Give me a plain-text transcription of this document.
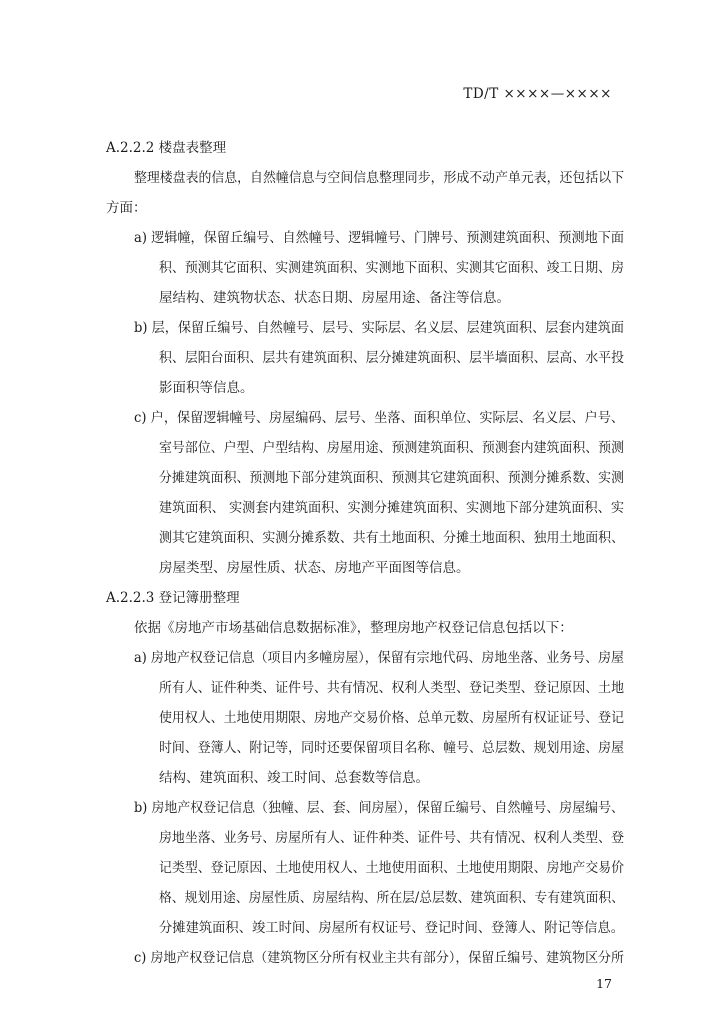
TD/T ××××—××××
A.2.2.2 楼盘表整理
整理楼盘表的信息，自然幢信息与空间信息整理同步，形成不动产单元表，还包括以下
方面：
a) 逻辑幢，保留丘编号、自然幢号、逻辑幢号、门牌号、预测建筑面积、预测地下面
积、预测其它面积、实测建筑面积、实测地下面积、实测其它面积、竣工日期、房
屋结构、建筑物状态、状态日期、房屋用途、备注等信息。
b) 层，保留丘编号、自然幢号、层号、实际层、名义层、层建筑面积、层套内建筑面
积、层阳台面积、层共有建筑面积、层分摊建筑面积、层半墙面积、层高、水平投
影面积等信息。
c) 户，保留逻辑幢号、房屋编码、层号、坐落、面积单位、实际层、名义层、户号、
室号部位、户型、户型结构、房屋用途、预测建筑面积、预测套内建筑面积、预测
分摊建筑面积、预测地下部分建筑面积、预测其它建筑面积、预测分摊系数、实测
建筑面积、 实测套内建筑面积、实测分摊建筑面积、实测地下部分建筑面积、实
测其它建筑面积、实测分摊系数、共有土地面积、分摊土地面积、独用土地面积、
房屋类型、房屋性质、状态、房地产平面图等信息。
A.2.2.3 登记簿册整理
依据《房地产市场基础信息数据标准》，整理房地产权登记信息包括以下：
a) 房地产权登记信息（项目内多幢房屋），保留有宗地代码、房地坐落、业务号、房屋
所有人、证件种类、证件号、共有情况、权利人类型、登记类型、登记原因、土地
使用权人、土地使用期限、房地产交易价格、总单元数、房屋所有权证证号、登记
时间、登簿人、附记等，同时还要保留项目名称、幢号、总层数、规划用途、房屋
结构、建筑面积、竣工时间、总套数等信息。
b) 房地产权登记信息（独幢、层、套、间房屋），保留丘编号、自然幢号、房屋编号、
房地坐落、业务号、房屋所有人、证件种类、证件号、共有情况、权利人类型、登
记类型、登记原因、土地使用权人、土地使用面积、土地使用期限、房地产交易价
格、规划用途、房屋性质、房屋结构、所在层/总层数、建筑面积、专有建筑面积、
分摊建筑面积、竣工时间、房屋所有权证号、登记时间、登簿人、附记等信息。
c) 房地产权登记信息（建筑物区分所有权业主共有部分），保留丘编号、建筑物区分所
17
